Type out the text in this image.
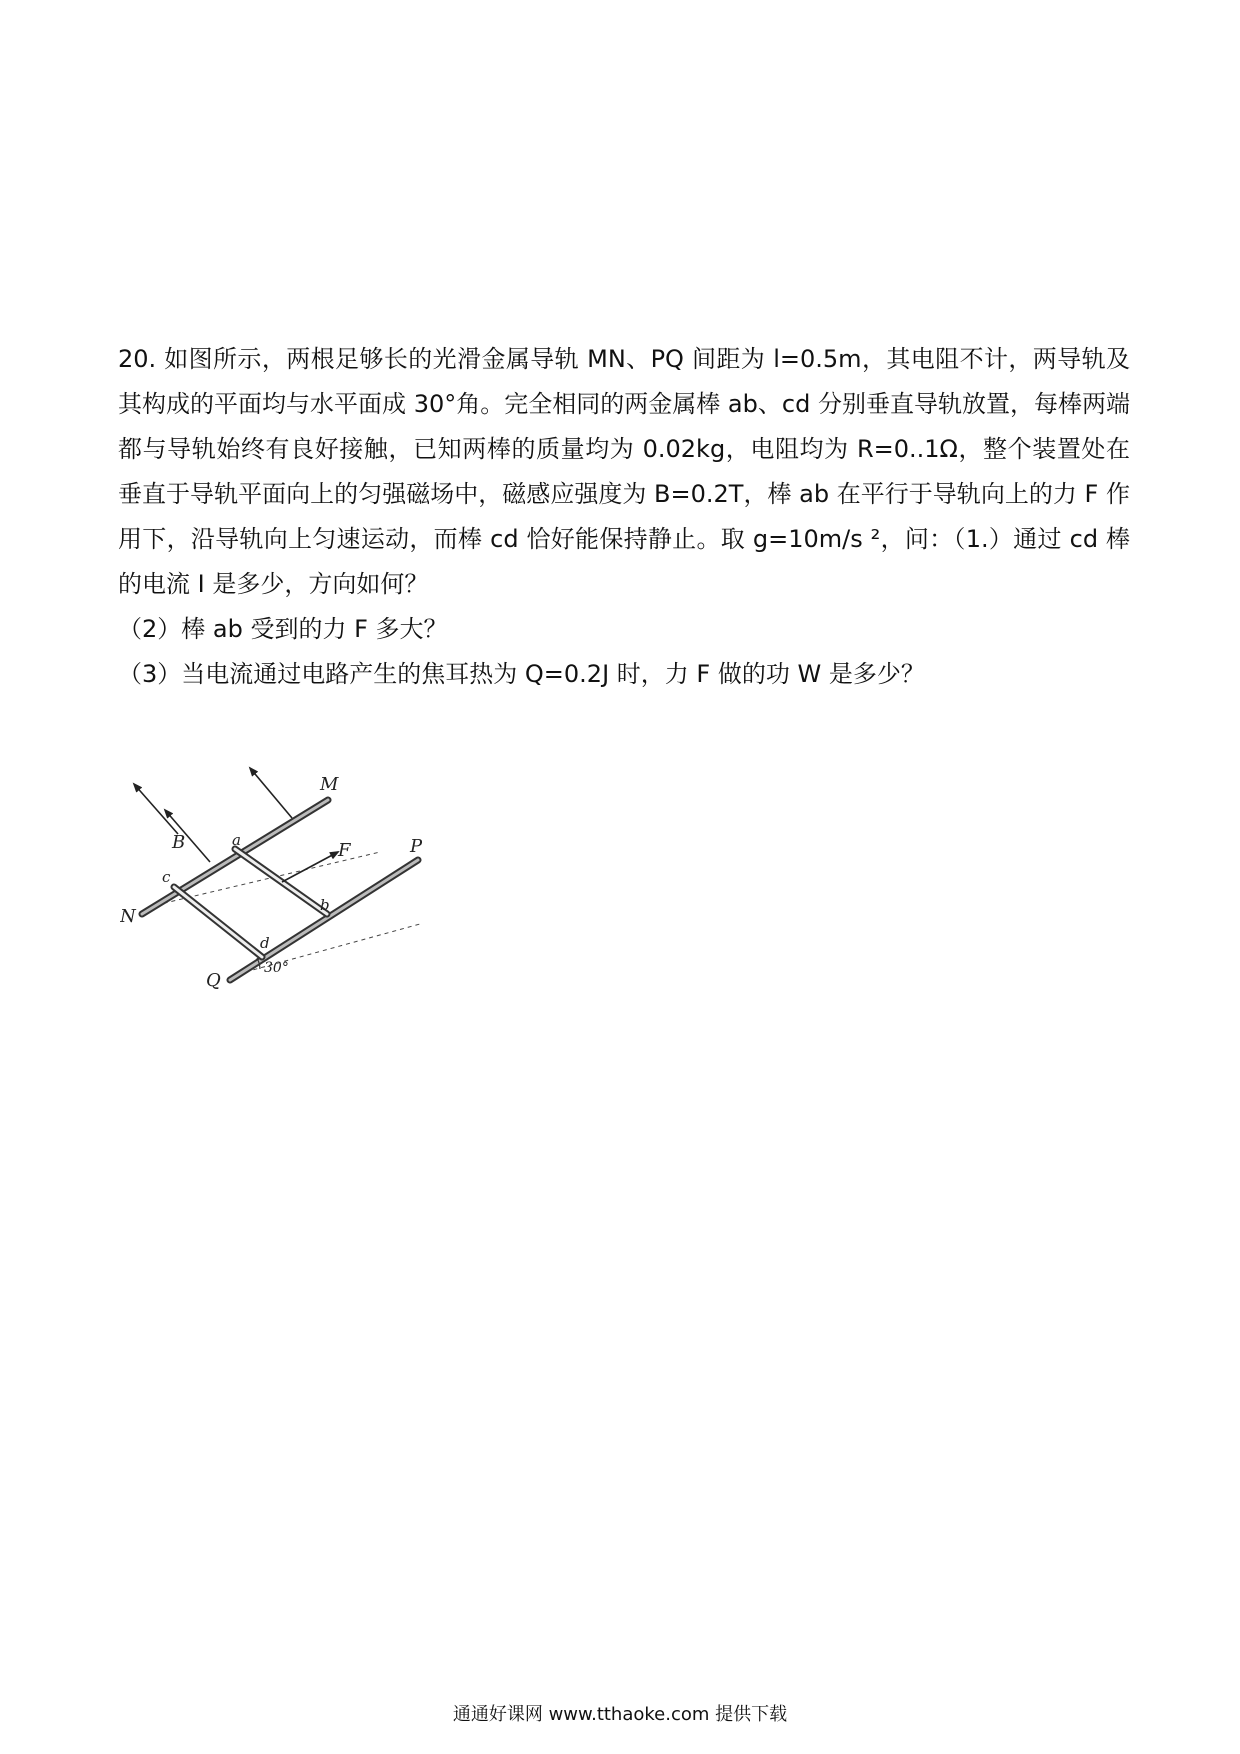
20. 如图所示，两根足够长的光滑金属导轨 MN、PQ 间距为 l=0.5m，其电阻不计，两导轨及其构成的平面均与水平面成 30°角。完全相同的两金属棒 ab、cd 分别垂直导轨放置，每棒两端都与导轨始终有良好接触，已知两棒的质量均为 0.02kg，电阻均为 R=0..1Ω，整个装置处在垂直于导轨平面向上的匀强磁场中，磁感应强度为 B=0.2T，棒 ab 在平行于导轨向上的力 F 作用下，沿导轨向上匀速运动，而棒 cd 恰好能保持静止。取 g=10m/s ²，问：（1.）通过 cd 棒的电流 I 是多少，方向如何？

（2）棒 ab 受到的力 F 多大？

（3）当电流通过电路产生的焦耳热为 Q=0.2J 时，力 F 做的功 W 是多少？

M
N
P
Q
a
b
c
d
B	F
30°
通通好课网 www.tthaoke.com 提供下载
